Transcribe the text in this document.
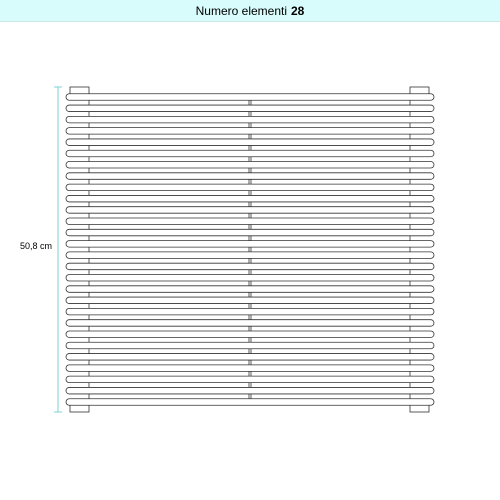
Numero elementi 28
50,8 cm
